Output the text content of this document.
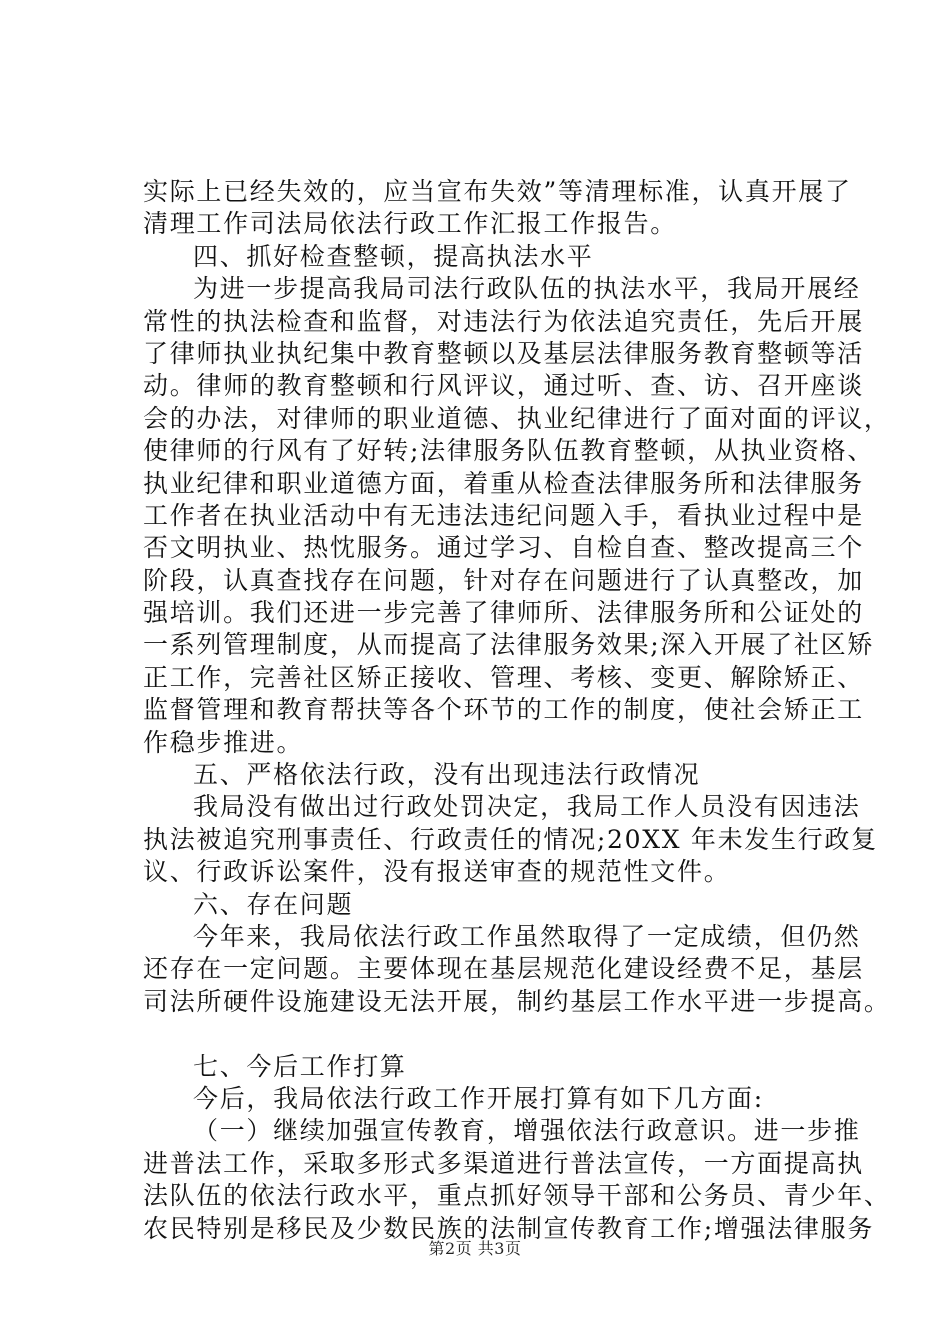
实际上已经失效的，应当宣布失效”等清理标准，认真开展了
清理工作司法局依法行政工作汇报工作报告。
四、抓好检查整顿，提高执法水平
为进一步提高我局司法行政队伍的执法水平，我局开展经
常性的执法检查和监督，对违法行为依法追究责任，先后开展
了律师执业执纪集中教育整顿以及基层法律服务教育整顿等活
动。律师的教育整顿和行风评议，通过听、查、访、召开座谈
会的办法，对律师的职业道德、执业纪律进行了面对面的评议，
使律师的行风有了好转;法律服务队伍教育整顿，从执业资格、
执业纪律和职业道德方面，着重从检查法律服务所和法律服务
工作者在执业活动中有无违法违纪问题入手，看执业过程中是
否文明执业、热忱服务。通过学习、自检自查、整改提高三个
阶段，认真查找存在问题，针对存在问题进行了认真整改，加
强培训。我们还进一步完善了律师所、法律服务所和公证处的
一系列管理制度，从而提高了法律服务效果;深入开展了社区矫
正工作，完善社区矫正接收、管理、考核、变更、解除矫正、
监督管理和教育帮扶等各个环节的工作的制度，使社会矫正工
作稳步推进。
五、严格依法行政，没有出现违法行政情况
我局没有做出过行政处罚决定，我局工作人员没有因违法
执法被追究刑事责任、行政责任的情况;20XX 年未发生行政复
议、行政诉讼案件，没有报送审查的规范性文件。
六、存在问题
今年来，我局依法行政工作虽然取得了一定成绩，但仍然
还存在一定问题。主要体现在基层规范化建设经费不足，基层
司法所硬件设施建设无法开展，制约基层工作水平进一步提高。
七、今后工作打算
今后，我局依法行政工作开展打算有如下几方面:
（一）继续加强宣传教育，增强依法行政意识。进一步推
进普法工作，采取多形式多渠道进行普法宣传，一方面提高执
法队伍的依法行政水平，重点抓好领导干部和公务员、青少年、
农民特别是移民及少数民族的法制宣传教育工作;增强法律服务
第2页 共3页
